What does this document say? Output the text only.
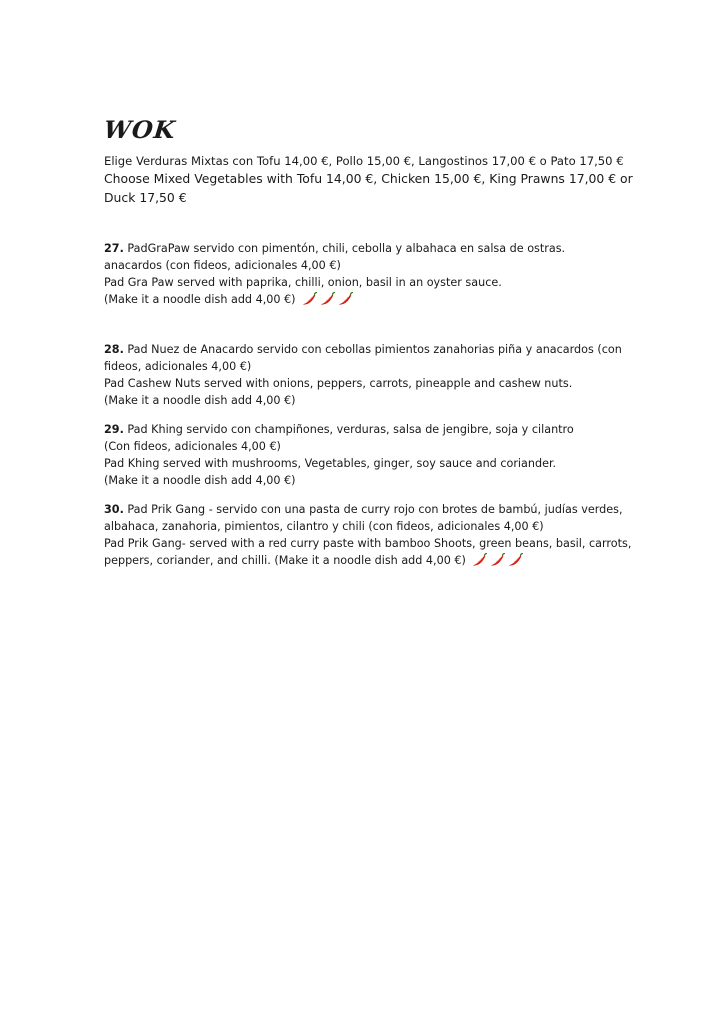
WOK
Elige Verduras Mixtas con Tofu 14,00 €, Pollo 15,00 €, Langostinos 17,00 € o Pato 17,50 €
Choose Mixed Vegetables with Tofu 14,00 €, Chicken 15,00 €, King Prawns 17,00 € or
Duck 17,50 €
27. PadGraPaw servido con pimentón, chili, cebolla y albahaca en salsa de ostras.
anacardos (con fideos, adicionales 4,00 €)
Pad Gra Paw served with paprika, chilli, onion, basil in an oyster sauce.
(Make it a noodle dish add 4,00 €)
28. Pad Nuez de Anacardo servido con cebollas pimientos zanahorias piña y anacardos (con
fideos, adicionales 4,00 €)
Pad Cashew Nuts served with onions, peppers, carrots, pineapple and cashew nuts.
(Make it a noodle dish add 4,00 €)
29. Pad Khing servido con champiñones, verduras, salsa de jengibre, soja y cilantro
(Con fideos, adicionales 4,00 €)
Pad Khing served with mushrooms, Vegetables, ginger, soy sauce and coriander.
(Make it a noodle dish add 4,00 €)
30. Pad Prik Gang - servido con una pasta de curry rojo con brotes de bambú, judías verdes,
albahaca, zanahoria, pimientos, cilantro y chili (con fideos, adicionales 4,00 €)
Pad Prik Gang- served with a red curry paste with bamboo Shoots, green beans, basil, carrots,
peppers, coriander, and chilli. (Make it a noodle dish add 4,00 €)
